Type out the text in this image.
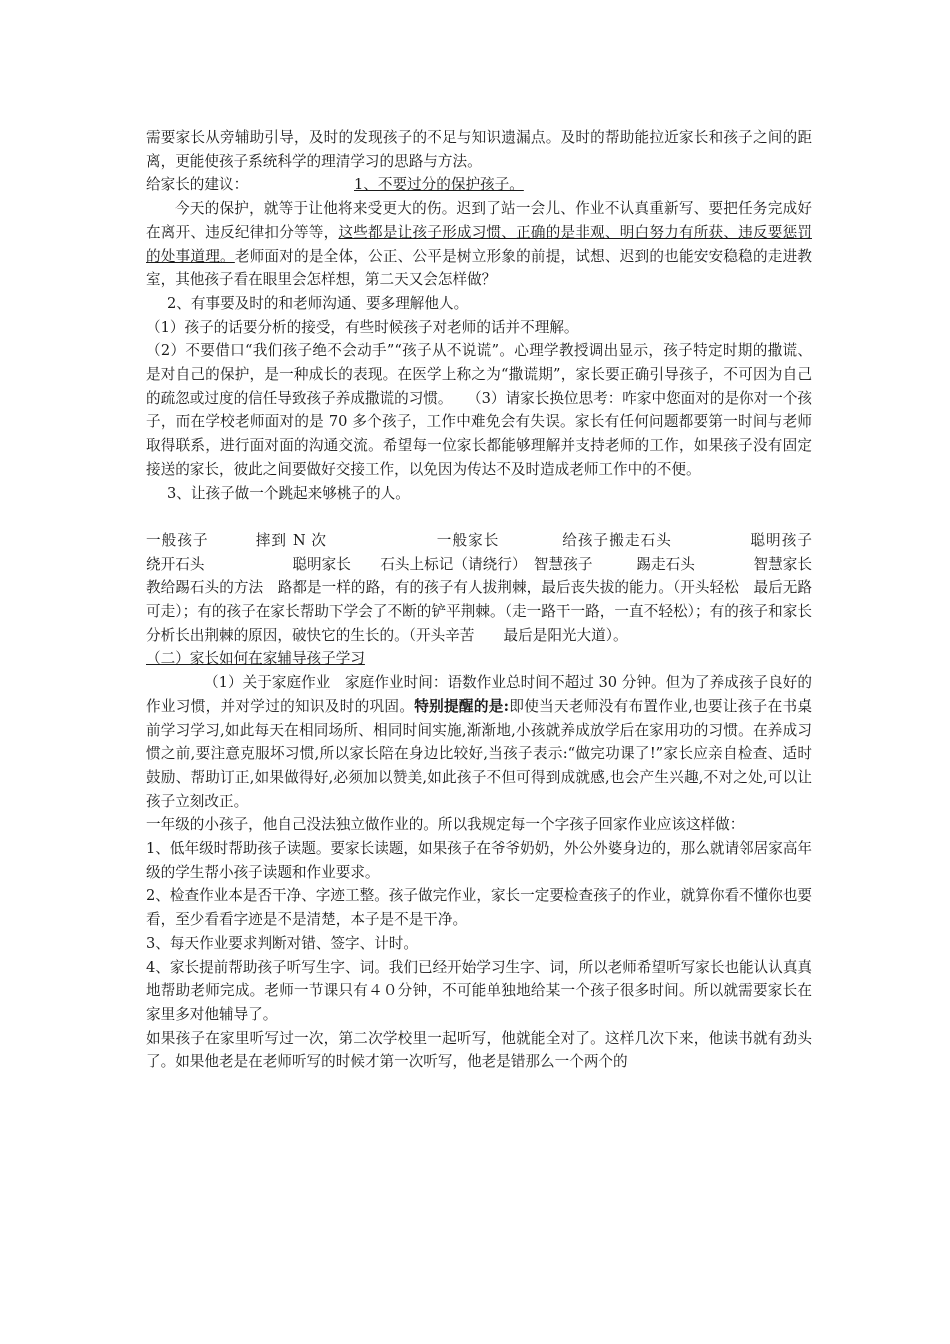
需要家长从旁辅助引导，及时的发现孩子的不足与知识遗漏点。及时的帮助能拉近家长和孩子之间的距离，更能使孩子系统科学的理清学习的思路与方法。

给家长的建议：	1、不要过分的保护孩子。

今天的保护，就等于让他将来受更大的伤。迟到了站一会儿、作业不认真重新写、要把任务完成好在离开、违反纪律扣分等等，这些都是让孩子形成习惯、正确的是非观、明白努力有所获、违反要惩罚的处事道理。老师面对的是全体，公正、公平是树立形象的前提，试想、迟到的也能安安稳稳的走进教室，其他孩子看在眼里会怎样想，第二天又会怎样做？

2、有事要及时的和老师沟通、要多理解他人。

（1）孩子的话要分析的接受，有些时候孩子对老师的话并不理解。

（2）不要借口“我们孩子绝不会动手”“孩子从不说谎”。心理学教授调出显示，孩子特定时期的撒谎、是对自己的保护，是一种成长的表现。在医学上称之为“撒谎期”，家长要正确引导孩子，不可因为自己的疏忽或过度的信任导致孩子养成撒谎的习惯。　　（3）请家长换位思考：咋家中您面对的是你对一个孩子，而在学校老师面对的是 70 多个孩子，工作中难免会有失误。家长有任何问题都要第一时间与老师取得联系，进行面对面的沟通交流。希望每一位家长都能够理解并支持老师的工作，如果孩子没有固定接送的家长，彼此之间要做好交接工作，以免因为传达不及时造成老师工作中的不便。

3、让孩子做一个跳起来够桃子的人。

一般孩子　　　摔到 N 次　　　　　　　一般家长　　　　给孩子搬走石头　　　　　聪明孩子　　　绕开石头　　　　　　聪明家长　　石头上标记（请绕行）　智慧孩子　　　踢走石头　　　　智慧家长　　　　教给踢石头的方法　路都是一样的路，有的孩子有人拔荆棘，最后丧失拔的能力。（开头轻松　最后无路可走）；有的孩子在家长帮助下学会了不断的铲平荆棘。（走一路干一路，一直不轻松）；有的孩子和家长分析长出荆棘的原因，破快它的生长的。（开头辛苦　　最后是阳光大道）。

（二）家长如何在家辅导孩子学习

（1）关于家庭作业　家庭作业时间：语数作业总时间不超过 30 分钟。但为了养成孩子良好的作业习惯，并对学过的知识及时的巩固。特别提醒的是:即使当天老师没有布置作业,也要让孩子在书桌前学习学习,如此每天在相同场所、相同时间实施,渐渐地,小孩就养成放学后在家用功的习惯。在养成习惯之前,要注意克服坏习惯,所以家长陪在身边比较好,当孩子表示:“做完功课了!”家长应亲自检查、适时鼓励、帮助订正,如果做得好,必须加以赞美,如此孩子不但可得到成就感,也会产生兴趣,不对之处,可以让孩子立刻改正。

一年级的小孩子，他自己没法独立做作业的。所以我规定每一个字孩子回家作业应该这样做：

1、低年级时帮助孩子读题。要家长读题，如果孩子在爷爷奶奶，外公外婆身边的，那么就请邻居家高年级的学生帮小孩子读题和作业要求。

2、检查作业本是否干净、字迹工整。孩子做完作业，家长一定要检查孩子的作业，就算你看不懂你也要看，至少看看字迹是不是清楚，本子是不是干净。

3、每天作业要求判断对错、签字、计时。

4、家长提前帮助孩子听写生字、词。我们已经开始学习生字、词，所以老师希望听写家长也能认认真真地帮助老师完成。老师一节课只有４０分钟，不可能单独地给某一个孩子很多时间。所以就需要家长在家里多对他辅导了。

如果孩子在家里听写过一次，第二次学校里一起听写，他就能全对了。这样几次下来，他读书就有劲头了。如果他老是在老师听写的时候才第一次听写，他老是错那么一个两个的
